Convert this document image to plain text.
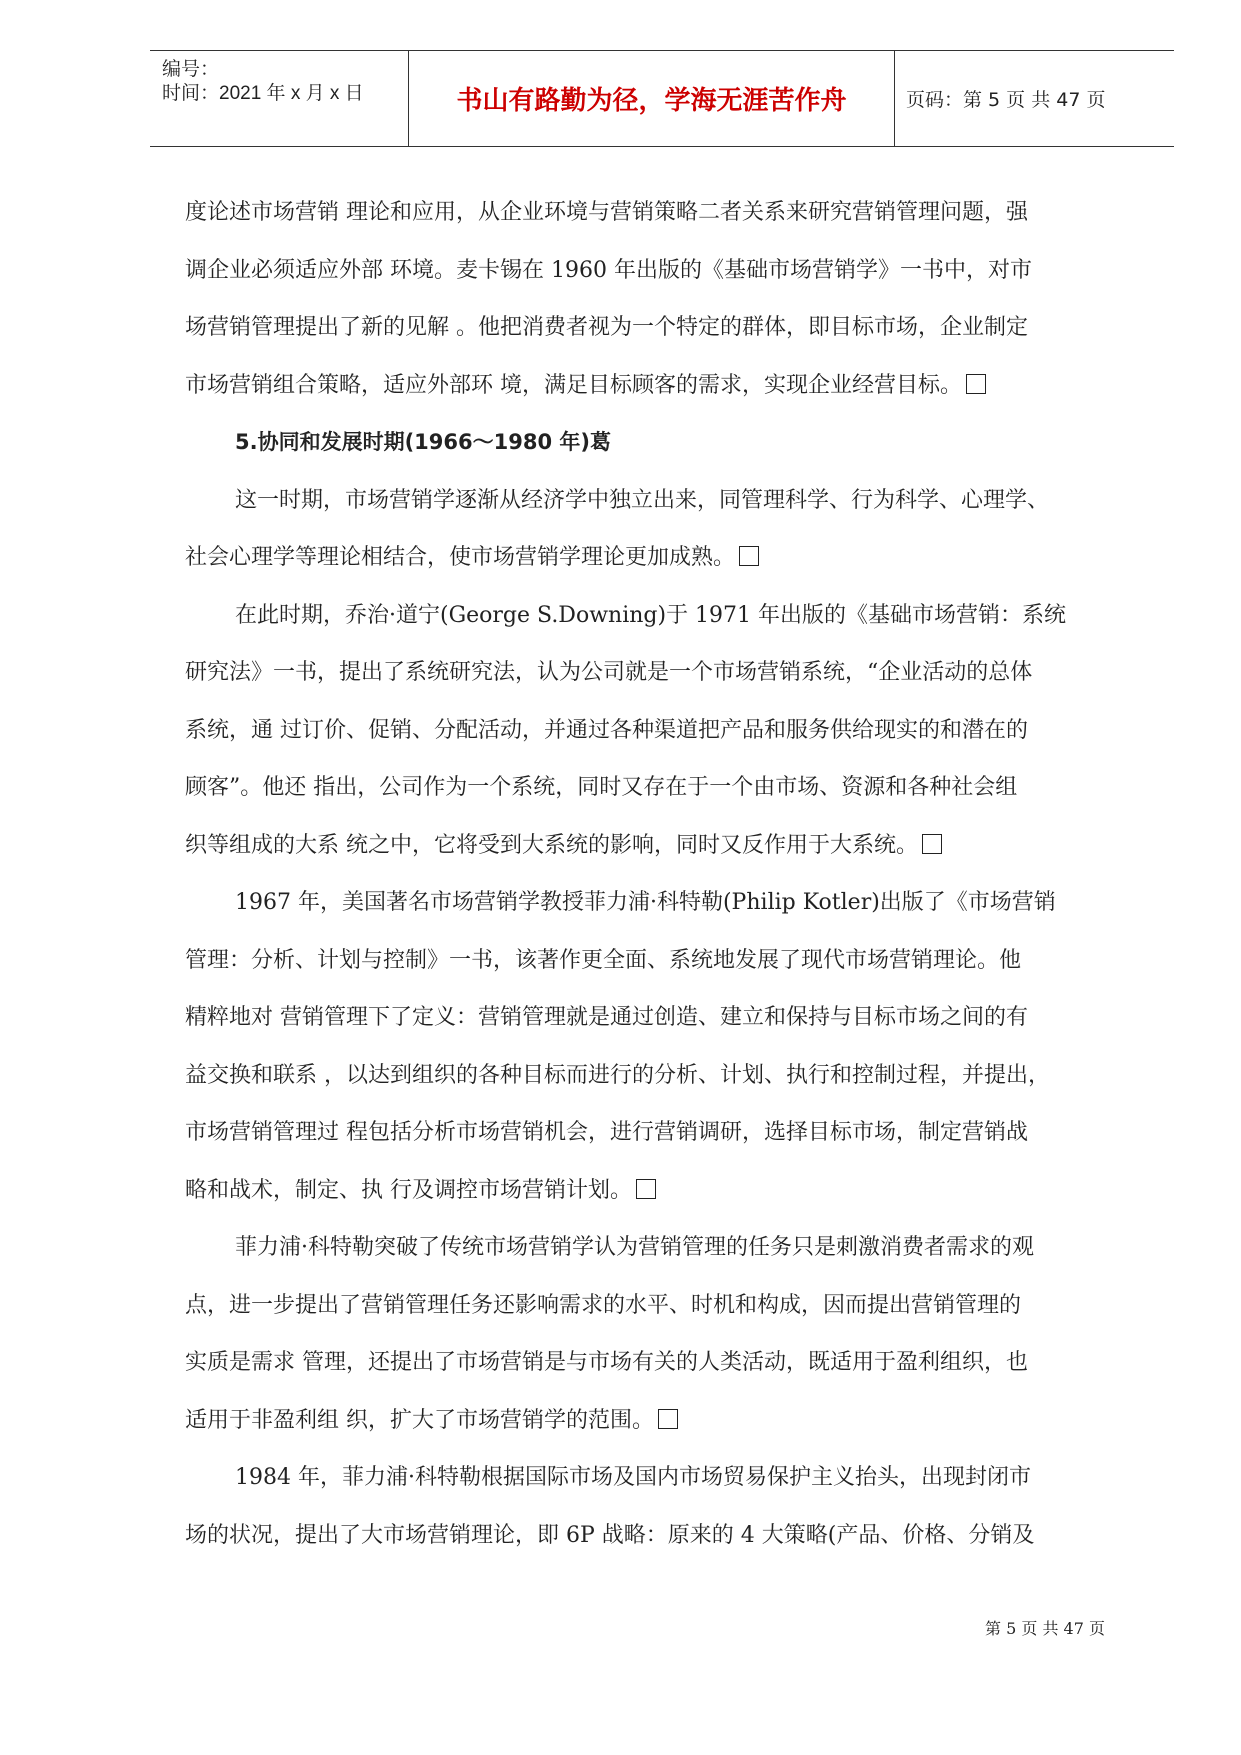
编号：
时间：2021 年 x 月 x 日	书山有路勤为径，学海无涯苦作舟	页码：第 5 页 共 47 页
度论述市场营销 理论和应用，从企业环境与营销策略二者关系来研究营销管理问题，强
调企业必须适应外部 环境。麦卡锡在 1960 年出版的《基础市场营销学》一书中，对市
场营销管理提出了新的见解 。他把消费者视为一个特定的群体，即目标市场，企业制定
市场营销组合策略，适应外部环 境，满足目标顾客的需求，实现企业经营目标。
5.协同和发展时期(1966～1980 年)葛
这一时期，市场营销学逐渐从经济学中独立出来，同管理科学、行为科学、心理学、
社会心理学等理论相结合，使市场营销学理论更加成熟。
在此时期，乔治·道宁(George S.Downing)于 1971 年出版的《基础市场营销：系统
研究法》一书，提出了系统研究法，认为公司就是一个市场营销系统，“企业活动的总体
系统，通 过订价、促销、分配活动，并通过各种渠道把产品和服务供给现实的和潜在的
顾客”。他还 指出，公司作为一个系统，同时又存在于一个由市场、资源和各种社会组
织等组成的大系 统之中，它将受到大系统的影响，同时又反作用于大系统。
1967 年，美国著名市场营销学教授菲力浦·科特勒(Philip Kotler)出版了《市场营销
管理：分析、计划与控制》一书，该著作更全面、系统地发展了现代市场营销理论。他
精粹地对 营销管理下了定义：营销管理就是通过创造、建立和保持与目标市场之间的有
益交换和联系 ，以达到组织的各种目标而进行的分析、计划、执行和控制过程，并提出，
市场营销管理过 程包括分析市场营销机会，进行营销调研，选择目标市场，制定营销战
略和战术，制定、执 行及调控市场营销计划。
菲力浦·科特勒突破了传统市场营销学认为营销管理的任务只是刺激消费者需求的观
点，进一步提出了营销管理任务还影响需求的水平、时机和构成，因而提出营销管理的
实质是需求 管理，还提出了市场营销是与市场有关的人类活动，既适用于盈利组织，也
适用于非盈利组 织，扩大了市场营销学的范围。
1984 年，菲力浦·科特勒根据国际市场及国内市场贸易保护主义抬头，出现封闭市
场的状况，提出了大市场营销理论，即 6P 战略：原来的 4 大策略(产品、价格、分销及
第 5 页 共 47 页
